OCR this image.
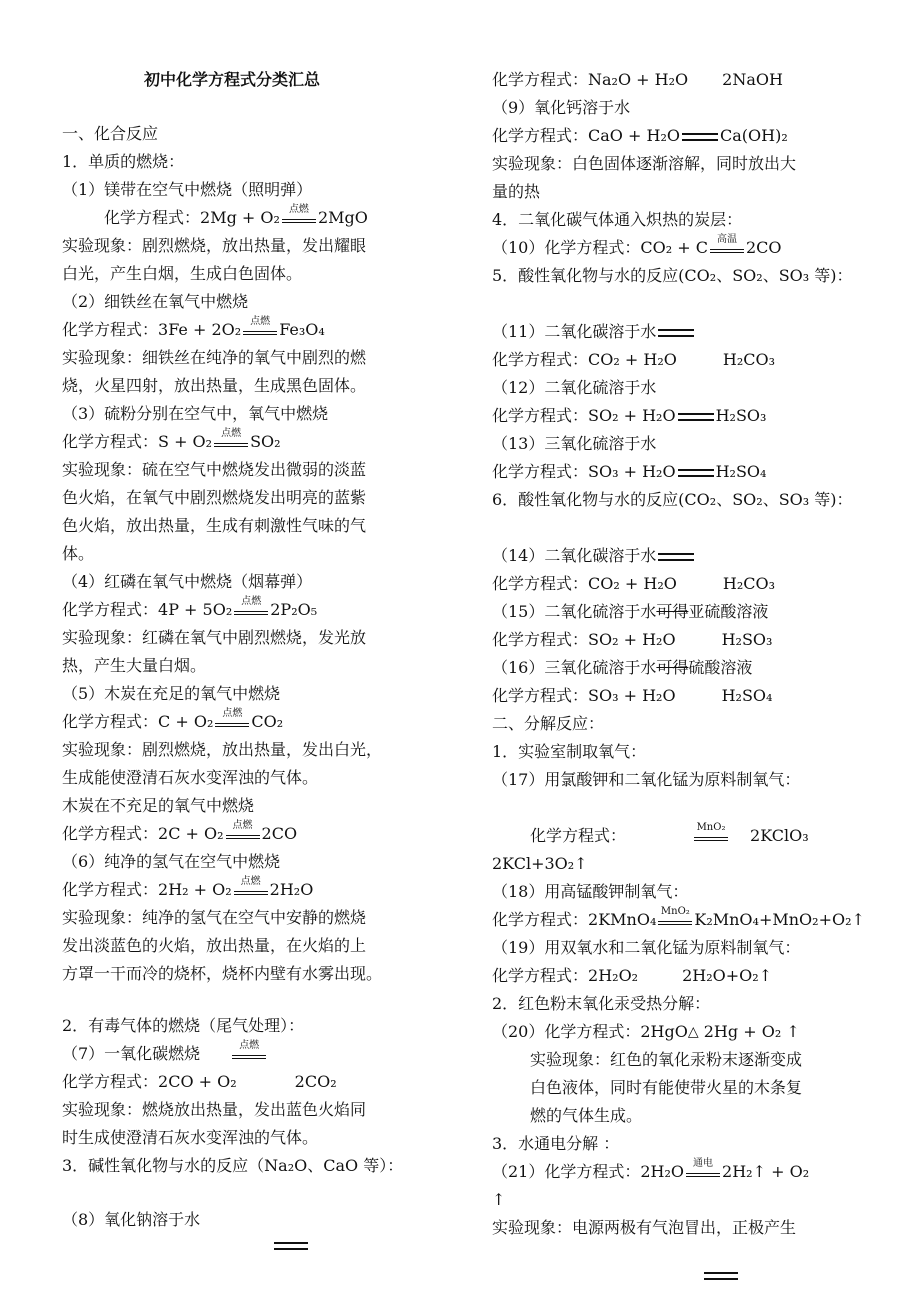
初中化学方程式分类汇总
一、化合反应
1．单质的燃烧：
（1）镁带在空气中燃烧（照明弹）
化学方程式：2Mg + O₂ 点燃 2MgO
实验现象：剧烈燃烧，放出热量，发出耀眼
白光，产生白烟，生成白色固体。
（2）细铁丝在氧气中燃烧
化学方程式：3Fe + 2O₂ 点燃 Fe₃O₄
实验现象：细铁丝在纯净的氧气中剧烈的燃
烧，火星四射，放出热量，生成黑色固体。
（3）硫粉分别在空气中，氧气中燃烧
化学方程式：S + O₂ 点燃 SO₂
实验现象：硫在空气中燃烧发出微弱的淡蓝
色火焰，在氧气中剧烈燃烧发出明亮的蓝紫
色火焰，放出热量，生成有刺激性气味的气
体。
（4）红磷在氧气中燃烧（烟幕弹）
化学方程式：4P + 5O₂ 点燃 2P₂O₅
实验现象：红磷在氧气中剧烈燃烧，发光放
热，产生大量白烟。
（5）木炭在充足的氧气中燃烧
化学方程式：C + O₂ 点燃 CO₂
实验现象：剧烈燃烧，放出热量，发出白光，
生成能使澄清石灰水变浑浊的气体。
木炭在不充足的氧气中燃烧
化学方程式：2C + O₂ 点燃 2CO
（6）纯净的氢气在空气中燃烧
化学方程式：2H₂ + O₂ 点燃 2H₂O
实验现象：纯净的氢气在空气中安静的燃烧
发出淡蓝色的火焰，放出热量，在火焰的上
方罩一干而冷的烧杯，烧杯内壁有水雾出现。
2．有毒气体的燃烧（尾气处理）：
（7）一氧化碳燃烧	点燃
化学方程式：2CO + O₂	2CO₂
实验现象：燃烧放出热量，发出蓝色火焰同
时生成使澄清石灰水变浑浊的气体。
3．碱性氧化物与水的反应（Na₂O、CaO 等）：
（8）氧化钠溶于水
化学方程式：Na₂O + H₂O 2NaOH
（9）氧化钙溶于水
化学方程式：CaO + H₂O	Ca(OH)₂
实验现象：白色固体逐渐溶解，同时放出大
量的热
4．二氧化碳气体通入炽热的炭层：
（10）化学方程式：CO₂ + C 高温 2CO
5．酸性氧化物与水的反应(CO₂、SO₂、SO₃ 等)：
（11）二氧化碳溶于水
化学方程式：CO₂ + H₂O	H₂CO₃
（12）二氧化硫溶于水
化学方程式：SO₂ + H₂O	H₂SO₃
（13）三氧化硫溶于水
化学方程式：SO₃ + H₂O	H₂SO₄
6．酸性氧化物与水的反应(CO₂、SO₂、SO₃ 等)：
（14）二氧化碳溶于水
化学方程式：CO₂ + H₂O	H₂CO₃
（15）二氧化硫溶于水可得亚硫酸溶液
化学方程式：SO₂ + H₂O	H₂SO₃
（16）三氧化硫溶于水可得硫酸溶液
化学方程式：SO₃ + H₂O	H₂SO₄
二、分解反应：
1．实验室制取氧气：
（17）用氯酸钾和二氧化锰为原料制氧气：
化学方程式：	MnO₂ 2KClO₃
2KCl+3O₂↑
（18）用高锰酸钾制氧气：
化学方程式：2KMnO₄ MnO₂ K₂MnO₄+MnO₂+O₂↑
（19）用双氧水和二氧化锰为原料制氧气：
化学方程式：2H₂O₂	2H₂O+O₂↑
2．红色粉末氧化汞受热分解：
（20）化学方程式：2HgO△ 2Hg + O₂ ↑
实验现象：红色的氧化汞粉末逐渐变成
白色液体，同时有能使带火星的木条复
燃的气体生成。
3．水通电分解 ：
（21）化学方程式：2H₂O 通电 2H₂↑ + O₂
↑
实验现象：电源两极有气泡冒出，正极产生
